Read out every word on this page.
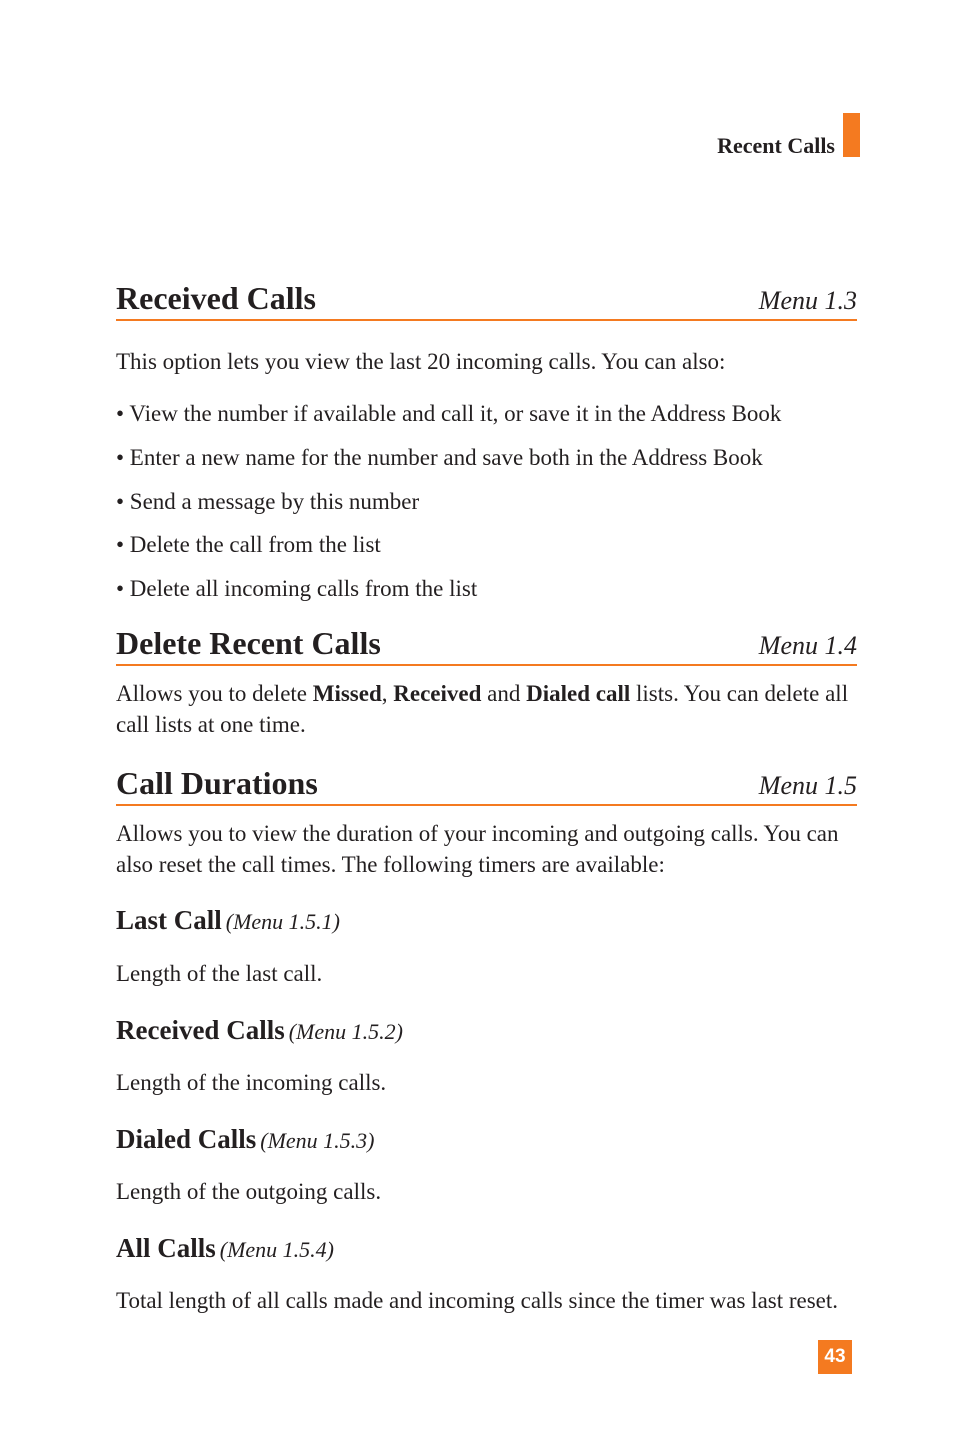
Recent Calls
Received Calls	Menu 1.3

This option lets you view the last 20 incoming calls. You can also:

• View the number if available and call it, or save it in the Address Book
• Enter a new name for the number and save both in the Address Book
• Send a message by this number
• Delete the call from the list
• Delete all incoming calls from the list
Delete Recent Calls	Menu 1.4

Allows you to delete Missed, Received and Dialed call lists. You can delete all call lists at one time.

Call Durations	Menu 1.5

Allows you to view the duration of your incoming and outgoing calls. You can also reset the call times. The following timers are available:

Last Call (Menu 1.5.1)

Length of the last call.

Received Calls (Menu 1.5.2)

Length of the incoming calls.

Dialed Calls (Menu 1.5.3)

Length of the outgoing calls.

All Calls (Menu 1.5.4)

Total length of all calls made and incoming calls since the timer was last reset.

43
